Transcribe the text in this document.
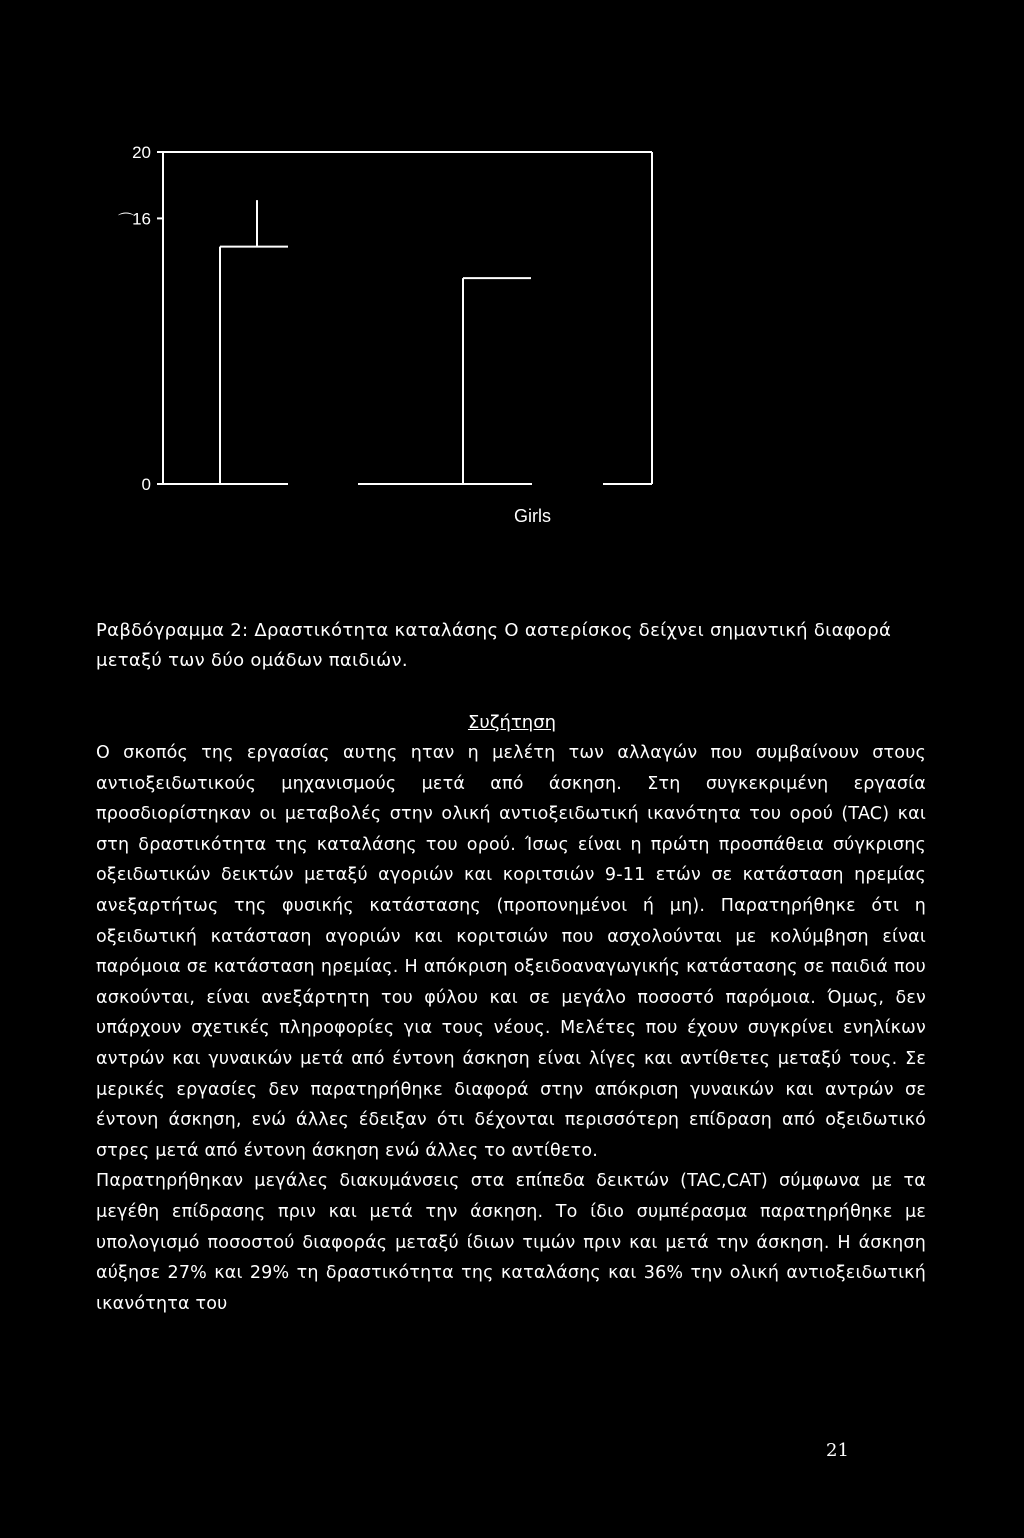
20
16
0
Girls
⌒

Ραβδόγραμμα 2: Δραστικότητα καταλάσης Ο αστερίσκος δείχνει σημαντική διαφορά μεταξύ των δύο ομάδων παιδιών.

Συζήτηση

Ο σκοπός της εργασίας αυτης ηταν η μελέτη των αλλαγών που συμβαίνουν στους αντιοξειδωτικούς μηχανισμούς μετά από άσκηση. Στη συγκεκριμένη εργασία προσδιορίστηκαν οι μεταβολές στην ολική αντιοξειδωτική ικανότητα του ορού (TAC) και στη δραστικότητα της καταλάσης του ορού. Ίσως είναι η πρώτη προσπάθεια σύγκρισης οξειδωτικών δεικτών μεταξύ αγοριών και κοριτσιών 9-11 ετών σε κατάσταση ηρεμίας ανεξαρτήτως της φυσικής κατάστασης (προπονημένοι ή μη). Παρατηρήθηκε ότι η οξειδωτική κατάσταση αγοριών και κοριτσιών που ασχολούνται με κολύμβηση είναι παρόμοια σε κατάσταση ηρεμίας. Η απόκριση οξειδοαναγωγικής κατάστασης σε παιδιά που ασκούνται, είναι ανεξάρτητη του φύλου και σε μεγάλο ποσοστό παρόμοια. Όμως, δεν υπάρχουν σχετικές πληροφορίες για τους νέους. Μελέτες που έχουν συγκρίνει ενηλίκων αντρών και γυναικών μετά από έντονη άσκηση είναι λίγες και αντίθετες μεταξύ τους. Σε μερικές εργασίες δεν παρατηρήθηκε διαφορά στην απόκριση γυναικών και αντρών σε έντονη άσκηση, ενώ άλλες έδειξαν ότι δέχονται περισσότερη επίδραση από οξειδωτικό στρες μετά από έντονη άσκηση ενώ άλλες το αντίθετο.
Παρατηρήθηκαν μεγάλες διακυμάνσεις στα επίπεδα δεικτών (TAC,CAT) σύμφωνα με τα μεγέθη επίδρασης πριν και μετά την άσκηση. Το ίδιο συμπέρασμα παρατηρήθηκε με υπολογισμό ποσοστού διαφοράς μεταξύ ίδιων τιμών πριν και μετά την άσκηση. Η άσκηση αύξησε 27% και 29% τη δραστικότητα της καταλάσης και 36% την ολική αντιοξειδωτική ικανότητα του

21
